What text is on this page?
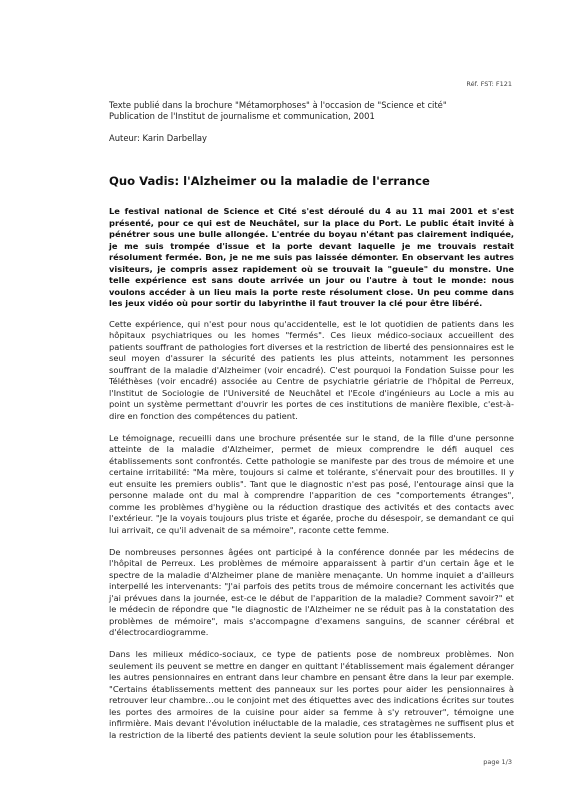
Réf. FST: F121

Texte publié dans la brochure "Métamorphoses" à l'occasion de "Science et cité"

Publication de l'Institut de journalisme et communication, 2001

Auteur: Karin Darbellay

Quo Vadis: l'Alzheimer ou la maladie de l'errance

Le festival national de Science et Cité s'est déroulé du 4 au 11 mai 2001 et s'est présenté, pour ce qui est de Neuchâtel, sur la place du Port. Le public était invité à pénétrer sous une bulle allongée. L'entrée du boyau n'étant pas clairement indiquée, je me suis trompée d'issue et la porte devant laquelle je me trouvais restait résolument fermée. Bon, je ne me suis pas laissée démonter. En observant les autres visiteurs, je compris assez rapidement où se trouvait la "gueule" du monstre. Une telle expérience est sans doute arrivée un jour ou l'autre à tout le monde: nous voulons accéder à un lieu mais la porte reste résolument close. Un peu comme dans les jeux vidéo où pour sortir du labyrinthe il faut trouver la clé pour être libéré.

Cette expérience, qui n'est pour nous qu'accidentelle, est le lot quotidien de patients dans les hôpitaux psychiatriques ou les homes "fermés". Ces lieux médico-sociaux accueillent des patients souffrant de pathologies fort diverses et la restriction de liberté des pensionnaires est le seul moyen d'assurer la sécurité des patients les plus atteints, notamment les personnes souffrant de la maladie d'Alzheimer (voir encadré). C'est pourquoi la Fondation Suisse pour les Téléthèses (voir encadré) associée au Centre de psychiatrie gériatrie de l'hôpital de Perreux, l'Institut de Sociologie de l'Université de Neuchâtel et l'Ecole d'ingénieurs au Locle a mis au point un système permettant d'ouvrir les portes de ces institutions de manière flexible, c'est-à-dire en fonction des compétences du patient.

Le témoignage, recueilli dans une brochure présentée sur le stand, de la fille d'une personne atteinte de la maladie d'Alzheimer, permet de mieux comprendre le défi auquel ces établissements sont confrontés. Cette pathologie se manifeste par des trous de mémoire et une certaine irritabilité: "Ma mère, toujours si calme et tolérante, s'énervait pour des broutilles. Il y eut ensuite les premiers oublis". Tant que le diagnostic n'est pas posé, l'entourage ainsi que la personne malade ont du mal à comprendre l'apparition de ces "comportements étranges", comme les problèmes d'hygiène ou la réduction drastique des activités et des contacts avec l'extérieur. "Je la voyais toujours plus triste et égarée, proche du désespoir, se demandant ce qui lui arrivait, ce qu'il advenait de sa mémoire", raconte cette femme.

De nombreuses personnes âgées ont participé à la conférence donnée par les médecins de l'hôpital de Perreux. Les problèmes de mémoire apparaissent à partir d'un certain âge et le spectre de la maladie d'Alzheimer plane de manière menaçante. Un homme inquiet a d'ailleurs interpellé les intervenants: "J'ai parfois des petits trous de mémoire concernant les activités que j'ai prévues dans la journée, est-ce le début de l'apparition de la maladie? Comment savoir?" et le médecin de répondre que "le diagnostic de l'Alzheimer ne se réduit pas à la constatation des problèmes de mémoire", mais s'accompagne d'examens sanguins, de scanner cérébral et d'électrocardiogramme.

Dans les milieux médico-sociaux, ce type de patients pose de nombreux problèmes. Non seulement ils peuvent se mettre en danger en quittant l'établissement mais également déranger les autres pensionnaires en entrant dans leur chambre en pensant être dans la leur par exemple. "Certains établissements mettent des panneaux sur les portes pour aider les pensionnaires à retrouver leur chambre…ou le conjoint met des étiquettes avec des indications écrites sur toutes les portes des armoires de la cuisine pour aider sa femme à s'y retrouver", témoigne une infirmière. Mais devant l'évolution inéluctable de la maladie, ces stratagèmes ne suffisent plus et la restriction de la liberté des patients devient la seule solution pour les établissements.

page 1/3
